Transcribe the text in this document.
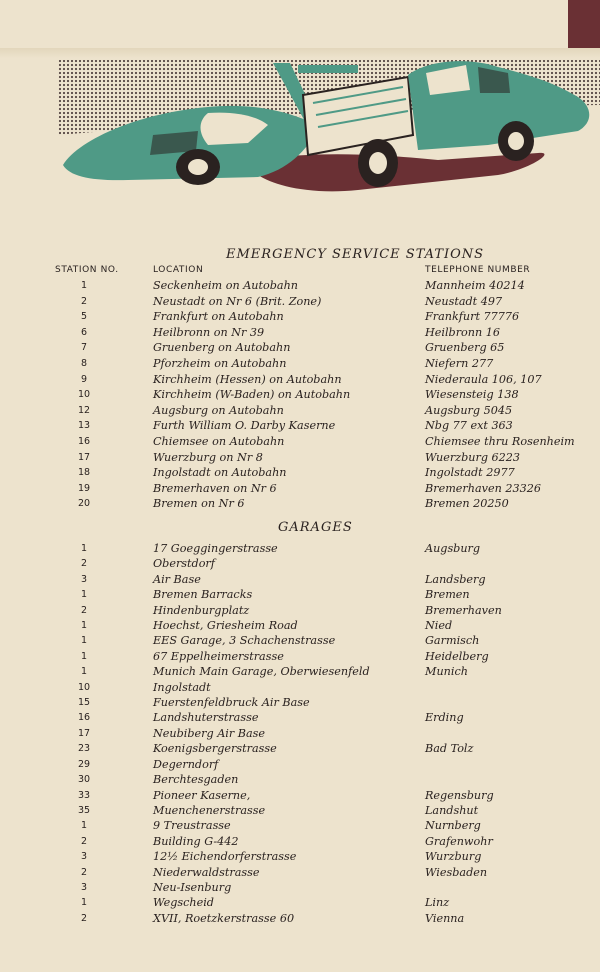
EMERGENCY SERVICE STATIONS
STATION NO.	LOCATION	TELEPHONE NUMBER
1	Seckenheim on Autobahn	Mannheim 40214
2	Neustadt on Nr 6 (Brit. Zone)	Neustadt 497
5	Frankfurt on Autobahn	Frankfurt 77776
6	Heilbronn on Nr 39	Heilbronn 16
7	Gruenberg on Autobahn	Gruenberg 65
8	Pforzheim on Autobahn	Niefern 277
9	Kirchheim (Hessen) on Autobahn	Niederaula 106, 107
10	Kirchheim (W-Baden) on Autobahn	Wiesensteig 138
12	Augsburg on Autobahn	Augsburg 5045
13	Furth William O. Darby Kaserne	Nbg 77 ext 363
16	Chiemsee on Autobahn	Chiemsee thru Rosenheim
17	Wuerzburg on Nr 8	Wuerzburg 6223
18	Ingolstadt on Autobahn	Ingolstadt 2977
19	Bremerhaven on Nr 6	Bremerhaven 23326
20	Bremen on Nr 6	Bremen 20250
GARAGES
1	17 Goeggingerstrasse	Augsburg
2	Oberstdorf
3	Air Base	Landsberg
1	Bremen Barracks	Bremen
2	Hindenburgplatz	Bremerhaven
1	Hoechst, Griesheim Road	Nied
1	EES Garage, 3 Schachenstrasse	Garmisch
1	67 Eppelheimerstrasse	Heidelberg
1	Munich Main Garage, Oberwiesenfeld	Munich
10	Ingolstadt
15	Fuerstenfeldbruck Air Base
16	Landshuterstrasse	Erding
17	Neubiberg Air Base
23	Koenigsbergerstrasse	Bad Tolz
29	Degerndorf
30	Berchtesgaden
33	Pioneer Kaserne,	Regensburg
35	Muenchenerstrasse	Landshut
1	9 Treustrasse	Nurnberg
2	Building G-442	Grafenwohr
3	12½ Eichendorferstrasse	Wurzburg
2	Niederwaldstrasse	Wiesbaden
3	Neu-Isenburg
1	Wegscheid	Linz
2	XVII, Roetzkerstrasse 60	Vienna
